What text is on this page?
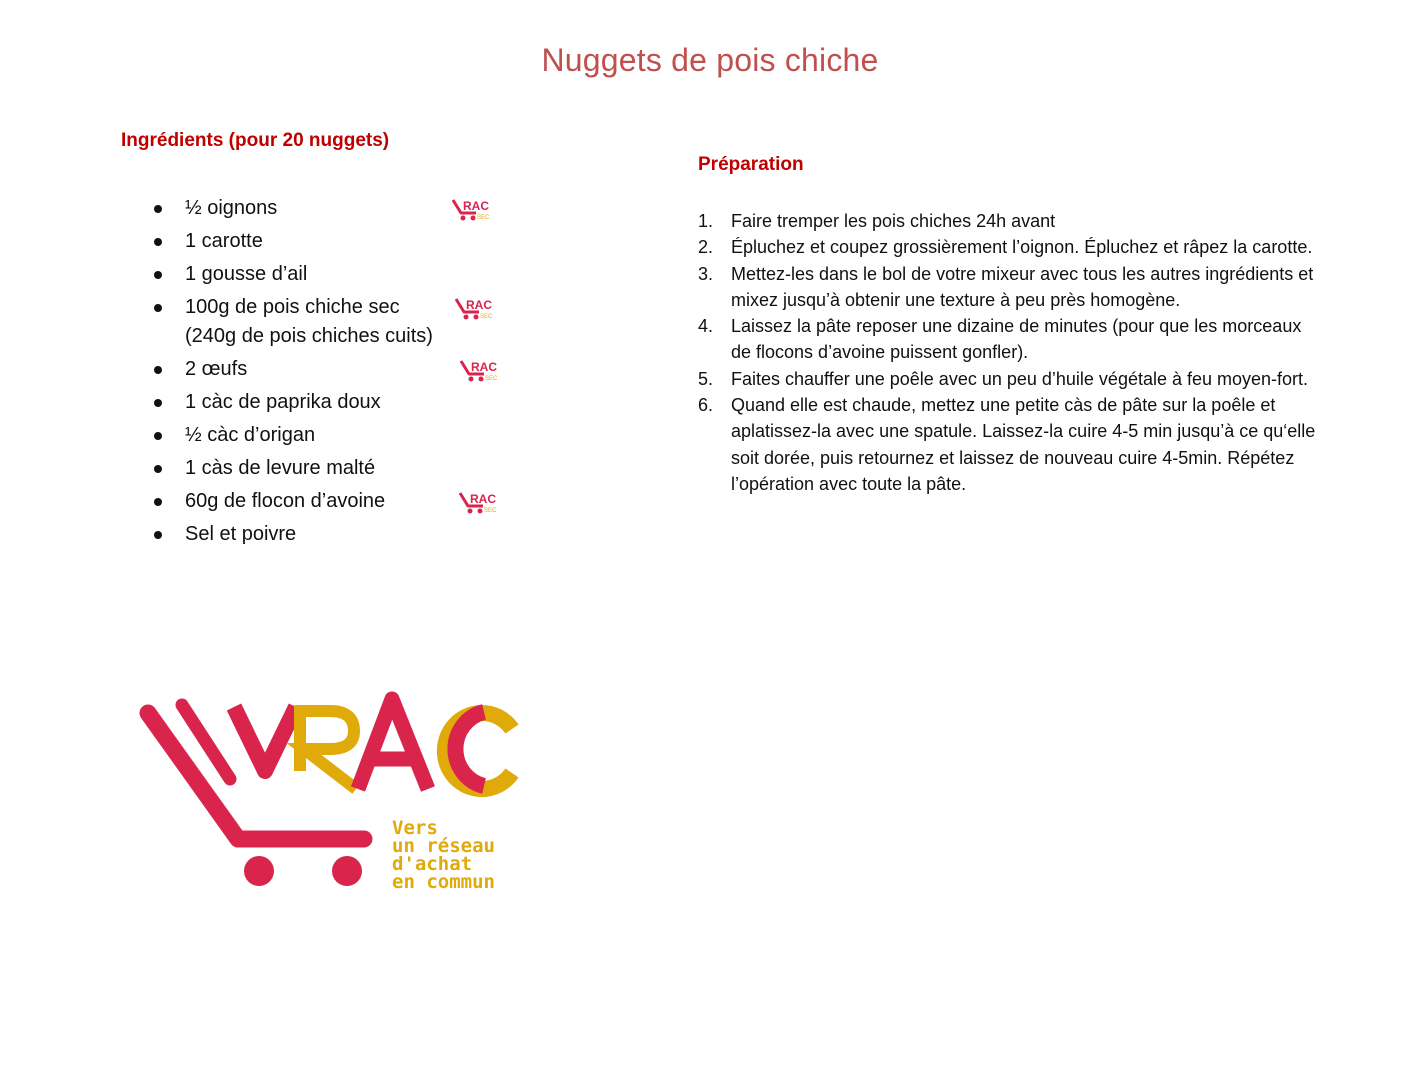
Nuggets de pois chiche
Ingrédients (pour 20 nuggets)
Préparation
½ oignons	RAC
SEC
1 carotte
1 gousse d’ail
100g de pois chiche sec (240g de pois chiches cuits)
RAC
SEC
2 œufs	RAC
SEC
1 càc de paprika doux
½ càc d’origan
1 càs de levure malté
60g de flocon d’avoine	RAC
SEC
Sel et poivre
1. Faire tremper les pois chiches 24h avant
2. Épluchez et coupez grossièrement l’oignon. Épluchez et râpez la carotte.
3. Mettez-les dans le bol de votre mixeur avec tous les autres ingrédients et mixez jusqu’à obtenir une texture à peu près homogène.
4. Laissez la pâte reposer une dizaine de minutes (pour que les morceaux de flocons d’avoine puissent gonfler).
5. Faites chauffer une poêle avec un peu d’huile végétale à feu moyen-fort.
6. Quand elle est chaude, mettez une petite càs de pâte sur la poêle et aplatissez-la avec une spatule. Laissez-la cuire 4-5 min jusqu’à ce qu‘elle soit dorée, puis retournez et laissez de nouveau cuire 4-5min. Répétez l’opération avec toute la pâte.
Vers
un réseau
d'achat
en commun
